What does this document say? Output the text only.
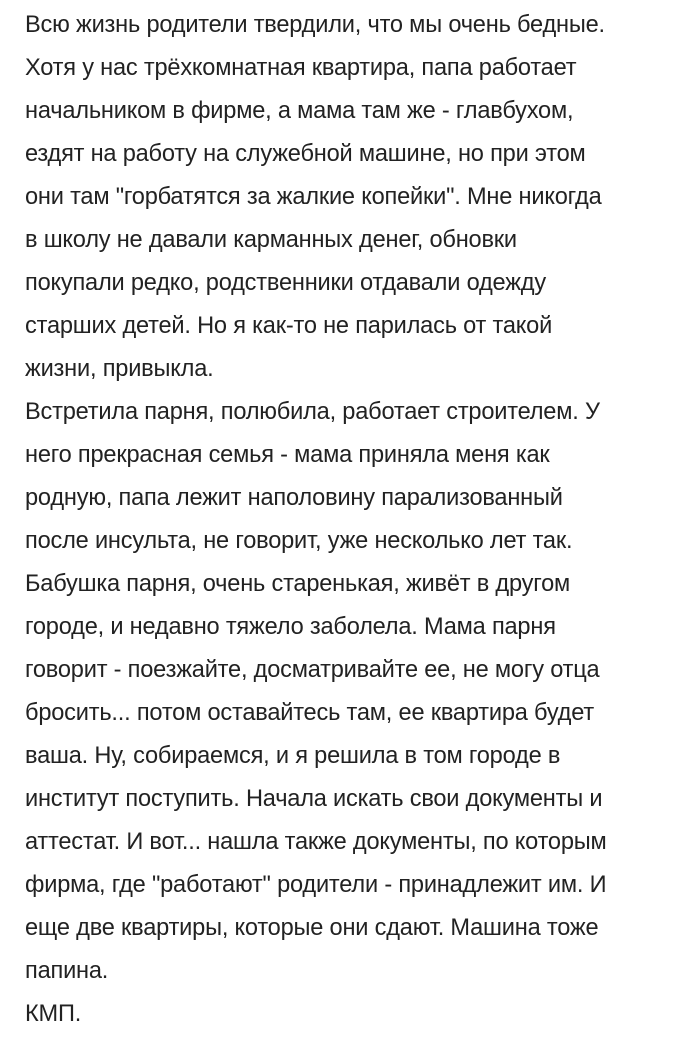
Всю жизнь родители твердили, что мы очень бедные.
Хотя у нас трёхкомнатная квартира, папа работает
начальником в фирме, а мама там же - главбухом,
ездят на работу на служебной машине, но при этом
они там "горбатятся за жалкие копейки". Мне никогда
в школу не давали карманных денег, обновки
покупали редко, родственники отдавали одежду
старших детей. Но я как-то не парилась от такой
жизни, привыкла.
Встретила парня, полюбила, работает строителем. У
него прекрасная семья - мама приняла меня как
родную, папа лежит наполовину парализованный
после инсульта, не говорит, уже несколько лет так.
Бабушка парня, очень старенькая, живёт в другом
городе, и недавно тяжело заболела. Мама парня
говорит - поезжайте, досматривайте ее, не могу отца
бросить... потом оставайтесь там, ее квартира будет
ваша. Ну, собираемся, и я решила в том городе в
институт поступить. Начала искать свои документы и
аттестат. И вот... нашла также документы, по которым
фирма, где "работают" родители - принадлежит им. И
еще две квартиры, которые они сдают. Машина тоже
папина.
КМП.
